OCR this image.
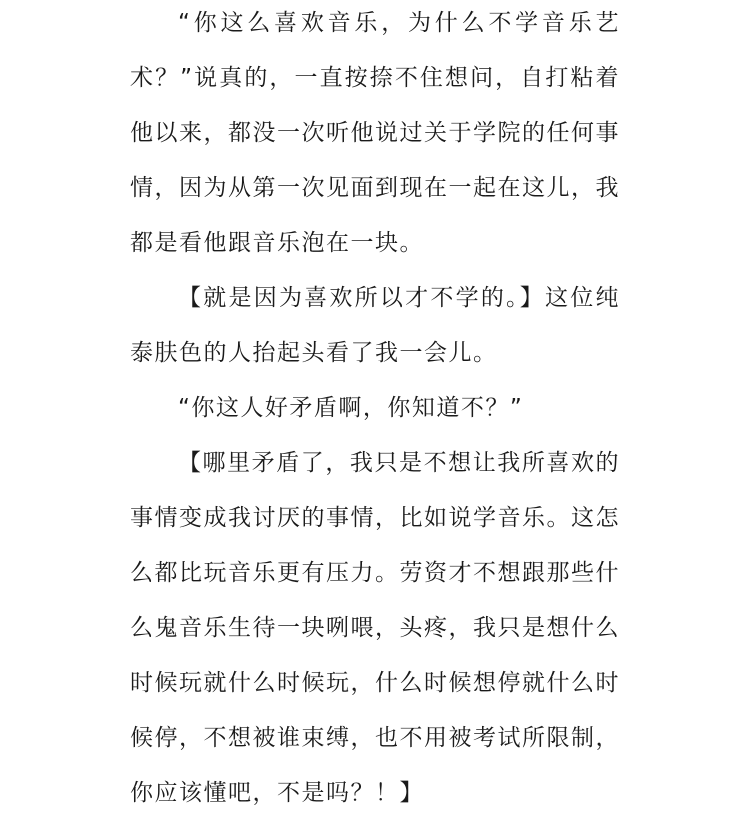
“你这么喜欢音乐，为什么不学音乐艺术？”说真的，一直按捺不住想问，自打粘着他以来，都没一次听他说过关于学院的任何事情，因为从第一次见面到现在一起在这儿，我都是看他跟音乐泡在一块。

【就是因为喜欢所以才不学的。】这位纯泰肤色的人抬起头看了我一会儿。

“你这人好矛盾啊，你知道不？”

【哪里矛盾了，我只是不想让我所喜欢的事情变成我讨厌的事情，比如说学音乐。这怎么都比玩音乐更有压力。劳资才不想跟那些什么鬼音乐生待一块咧喂，头疼，我只是想什么时候玩就什么时候玩，什么时候想停就什么时候停，不想被谁束缚，也不用被考试所限制，你应该懂吧，不是吗？！】
